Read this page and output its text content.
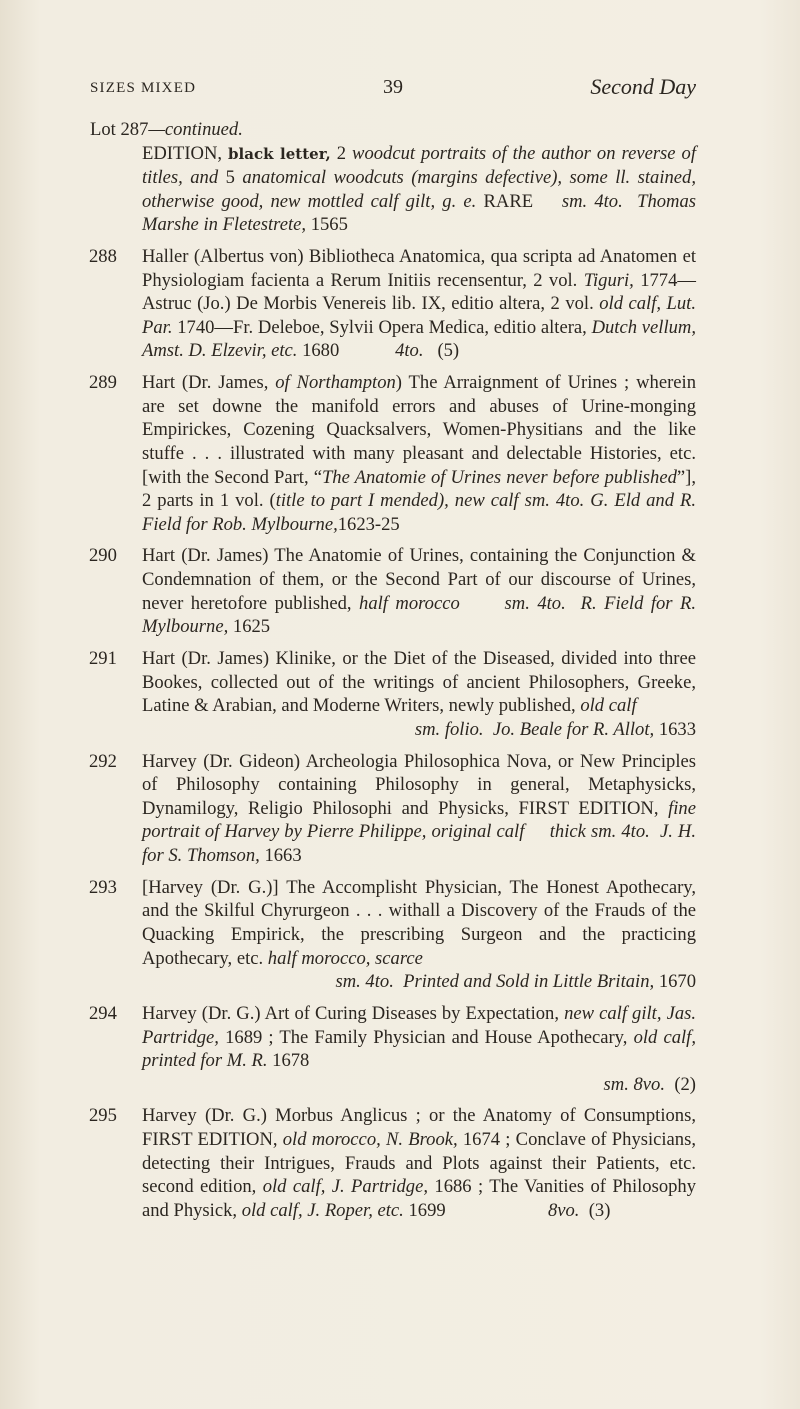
SIZES MIXED	39	Second Day

Lot 287—continued.

EDITION, black letter, 2 woodcut portraits of the author on reverse of titles, and 5 anatomical woodcuts (margins defective), some ll. stained, otherwise good, new mottled calf gilt, g. e. RARE sm. 4to. Thomas Marshe in Fletestrete, 1565

288 Haller (Albertus von) Bibliotheca Anatomica, qua scripta ad Anatomen et Physiologiam facienta a Rerum Initiis recensentur, 2 vol. Tiguri, 1774—Astruc (Jo.) De Morbis Venereis lib. IX, editio altera, 2 vol. old calf, Lut. Par. 1740—Fr. Deleboe, Sylvii Opera Medica, editio altera, Dutch vellum, Amst. D. Elzevir, etc. 1680	4to. (5)
289 Hart (Dr. James, of Northampton) The Arraignment of Urines ; wherein are set downe the manifold errors and abuses of Urine-monging Empirickes, Cozening Quacksalvers, Women-Physitians and the like stuffe . . . illustrated with many pleasant and delectable Histories, etc. [with the Second Part, “The Anatomie of Urines never before published”], 2 parts in 1 vol. (title to part I mended), new calf sm. 4to. G. Eld and R. Field for Rob. Mylbourne,1623-25
290 Hart (Dr. James) The Anatomie of Urines, containing the Conjunction & Condemnation of them, or the Second Part of our discourse of Urines, never heretofore published, half morocco sm. 4to. R. Field for R. Mylbourne, 1625
291 Hart (Dr. James) Klinike, or the Diet of the Diseased, divided into three Bookes, collected out of the writings of ancient Philosophers, Greeke, Latine & Arabian, and Moderne Writers, newly published, old calf
sm. folio. Jo. Beale for R. Allot, 1633
292 Harvey (Dr. Gideon) Archeologia Philosophica Nova, or New Principles of Philosophy containing Philosophy in general, Metaphysicks, Dynamilogy, Religio Philosophi and Physicks, FIRST EDITION, fine portrait of Harvey by Pierre Philippe, original calf thick sm. 4to. J. H. for S. Thomson, 1663
293 [Harvey (Dr. G.)] The Accomplisht Physician, The Honest Apothecary, and the Skilful Chyrurgeon . . . withall a Discovery of the Frauds of the Quacking Empirick, the prescribing Surgeon and the practicing Apothecary, etc. half morocco, scarce
sm. 4to. Printed and Sold in Little Britain, 1670
294 Harvey (Dr. G.) Art of Curing Diseases by Expectation, new calf gilt, Jas. Partridge, 1689 ; The Family Physician and House Apothecary, old calf, printed for M. R. 1678
sm. 8vo. (2)
295 Harvey (Dr. G.) Morbus Anglicus ; or the Anatomy of Consumptions, FIRST EDITION, old morocco, N. Brook, 1674 ; Conclave of Physicians, detecting their Intrigues, Frauds and Plots against their Patients, etc. second edition, old calf, J. Partridge, 1686 ; The Vanities of Philosophy and Physick, old calf, J. Roper, etc. 1699	8vo. (3)
